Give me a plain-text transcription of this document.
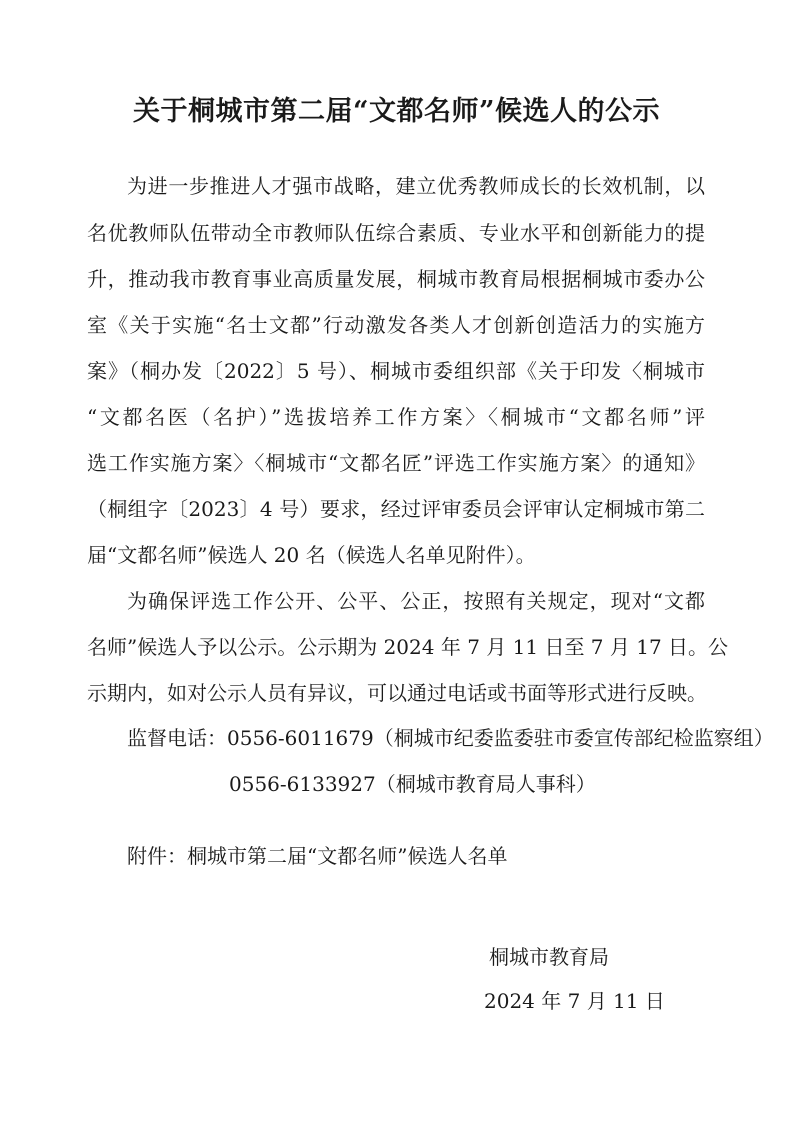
关于桐城市第二届“文都名师”候选人的公示

为进一步推进人才强市战略，建立优秀教师成长的长效机制，以

名优教师队伍带动全市教师队伍综合素质、专业水平和创新能力的提

升，推动我市教育事业高质量发展，桐城市教育局根据桐城市委办公

室《关于实施“名士文都”行动激发各类人才创新创造活力的实施方

案》（桐办发〔2022〕5 号）、桐城市委组织部《关于印发〈桐城市

“文都名医（名护）”选拔培养工作方案〉〈桐城市“文都名师”评

选工作实施方案〉〈桐城市“文都名匠”评选工作实施方案〉的通知》

（桐组字〔2023〕4 号）要求，经过评审委员会评审认定桐城市第二

届“文都名师”候选人 20 名（候选人名单见附件）。

为确保评选工作公开、公平、公正，按照有关规定，现对“文都

名师”候选人予以公示。公示期为 2024 年 7 月 11 日至 7 月 17 日。公

示期内，如对公示人员有异议，可以通过电话或书面等形式进行反映。

监督电话：0556-6011679（桐城市纪委监委驻市委宣传部纪检监察组）

0556-6133927（桐城市教育局人事科）

附件：桐城市第二届“文都名师”候选人名单

桐城市教育局

2024 年 7 月 11 日
